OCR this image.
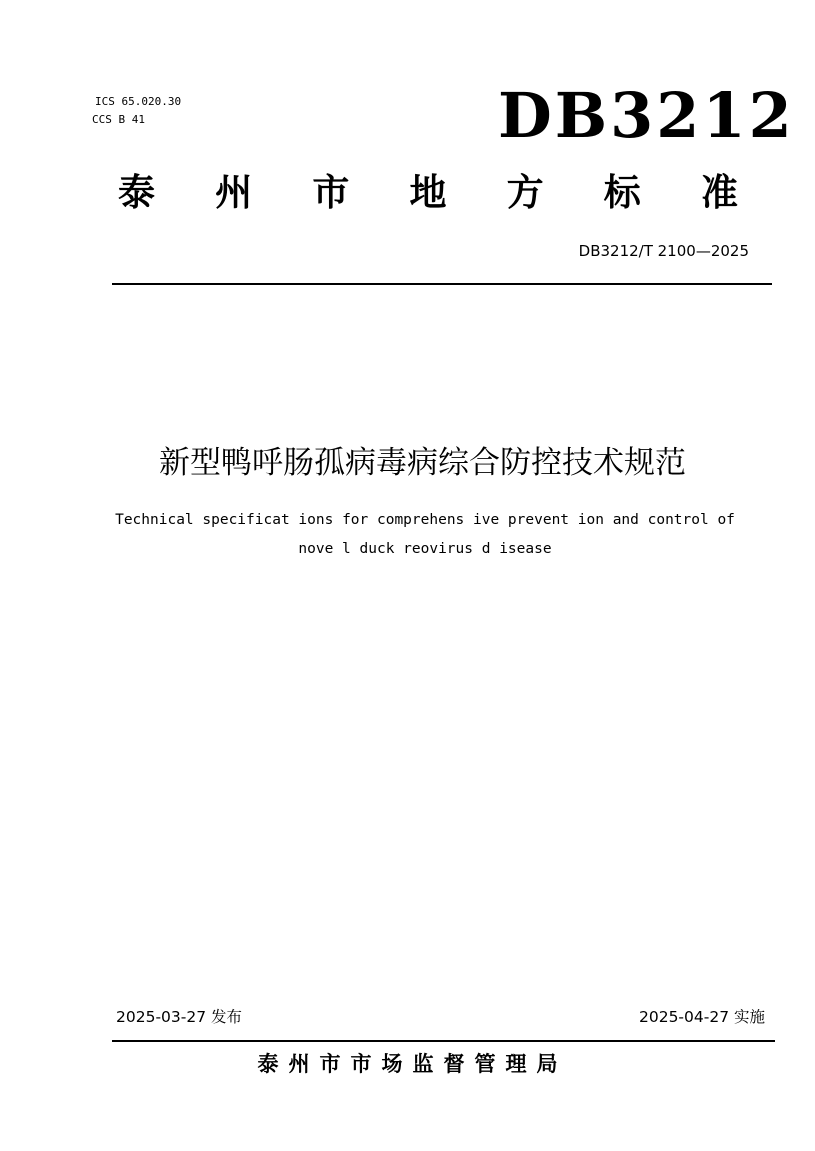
ICS 65.020.30
CCS B 41	DB3212
泰 州 市 地 方 标 准
DB3212/T 2100—2025
新型鸭呼肠孤病毒病综合防控技术规范
Technical specificat ions for comprehens ive prevent ion and control of
nove l duck reovirus d isease
2025-03-27 发布	2025-04-27 实施
泰州市市场监督管理局
